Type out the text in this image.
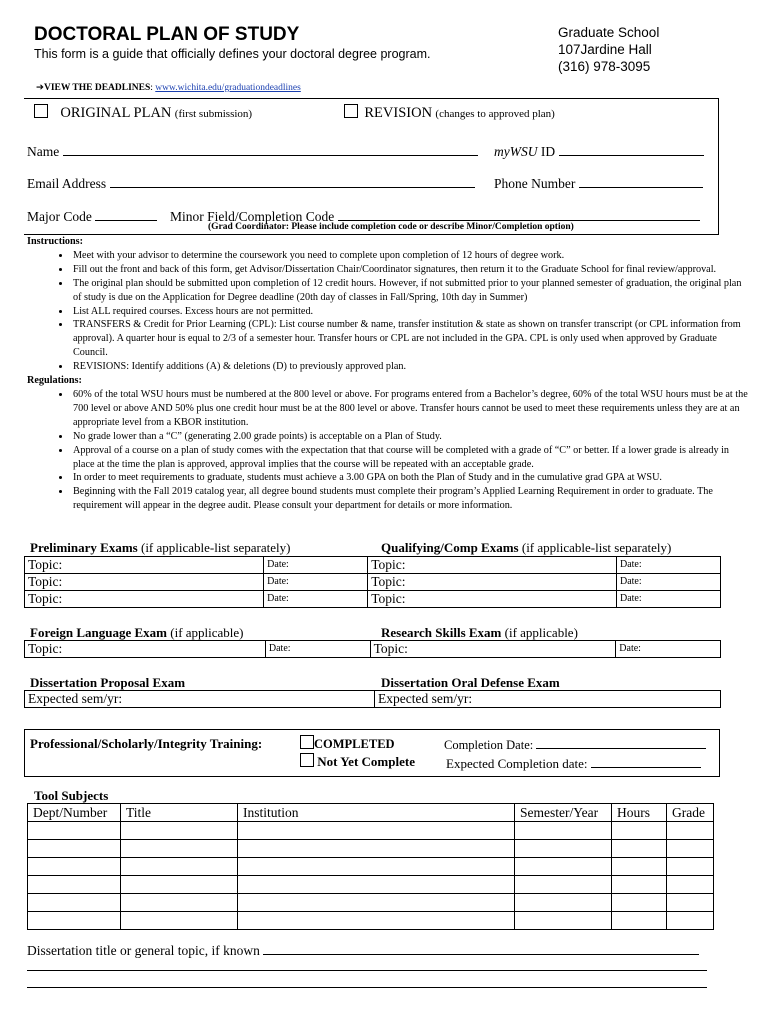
DOCTORAL PLAN OF STUDY
This form is a guide that officially defines your doctoral degree program.
Graduate School
107Jardine Hall
(316) 978-3095
➔VIEW THE DEADLINES: www.wichita.edu/graduationdeadlines
ORIGINAL PLAN (first submission)	REVISION (changes to approved plan)
Name	myWSU ID
Email Address	Phone Number
Major Code	Minor Field/Completion Code
(Grad Coordinator: Please include completion code or describe Minor/Completion option)
Instructions:
• Meet with your advisor to determine the coursework you need to complete upon completion of 12 hours of degree work.
• Fill out the front and back of this form, get Advisor/Dissertation Chair/Coordinator signatures, then return it to the Graduate School for final review/approval.
• The original plan should be submitted upon completion of 12 credit hours. However, if not submitted prior to your planned semester of graduation, the original plan of study is due on the Application for Degree deadline (20th day of classes in Fall/Spring, 10th day in Summer)
• List ALL required courses. Excess hours are not permitted.
• TRANSFERS & Credit for Prior Learning (CPL): List course number & name, transfer institution & state as shown on transfer transcript (or CPL information from approval). A quarter hour is equal to 2/3 of a semester hour. Transfer hours or CPL are not included in the GPA. CPL is only used when approved by Graduate Council.
• REVISIONS: Identify additions (A) & deletions (D) to previously approved plan.
Regulations:
• 60% of the total WSU hours must be numbered at the 800 level or above. For programs entered from a Bachelor’s degree, 60% of the total WSU hours must be at the 700 level or above AND 50% plus one credit hour must be at the 800 level or above. Transfer hours cannot be used to meet these requirements unless they are at an appropriate level from a KBOR institution.
• No grade lower than a “C” (generating 2.00 grade points) is acceptable on a Plan of Study.
• Approval of a course on a plan of study comes with the expectation that that course will be completed with a grade of “C” or better. If a lower grade is already in place at the time the plan is approved, approval implies that the course will be repeated with an acceptable grade.
• In order to meet requirements to graduate, students must achieve a 3.00 GPA on both the Plan of Study and in the cumulative grad GPA at WSU.
• Beginning with the Fall 2019 catalog year, all degree bound students must complete their program’s Applied Learning Requirement in order to graduate. The requirement will appear in the degree audit. Please consult your department for details or more information.
Preliminary Exams (if applicable-list separately)	Qualifying/Comp Exams (if applicable-list separately)
Topic:	Date:	Topic:	Date:
Topic:	Date:	Topic:	Date:
Topic:	Date:	Topic:	Date:
Foreign Language Exam (if applicable)	Research Skills Exam (if applicable)
Topic:	Date:	Topic:	Date:
Dissertation Proposal Exam	Dissertation Oral Defense Exam
Expected sem/yr:	Expected sem/yr:
Professional/Scholarly/Integrity Training:	COMPLETED
Not Yet Complete
Completion Date:
Expected Completion date:
Tool Subjects
Dept/Number	Title	Institution	Semester/Year	Hours	Grade

Dissertation title or general topic, if known
